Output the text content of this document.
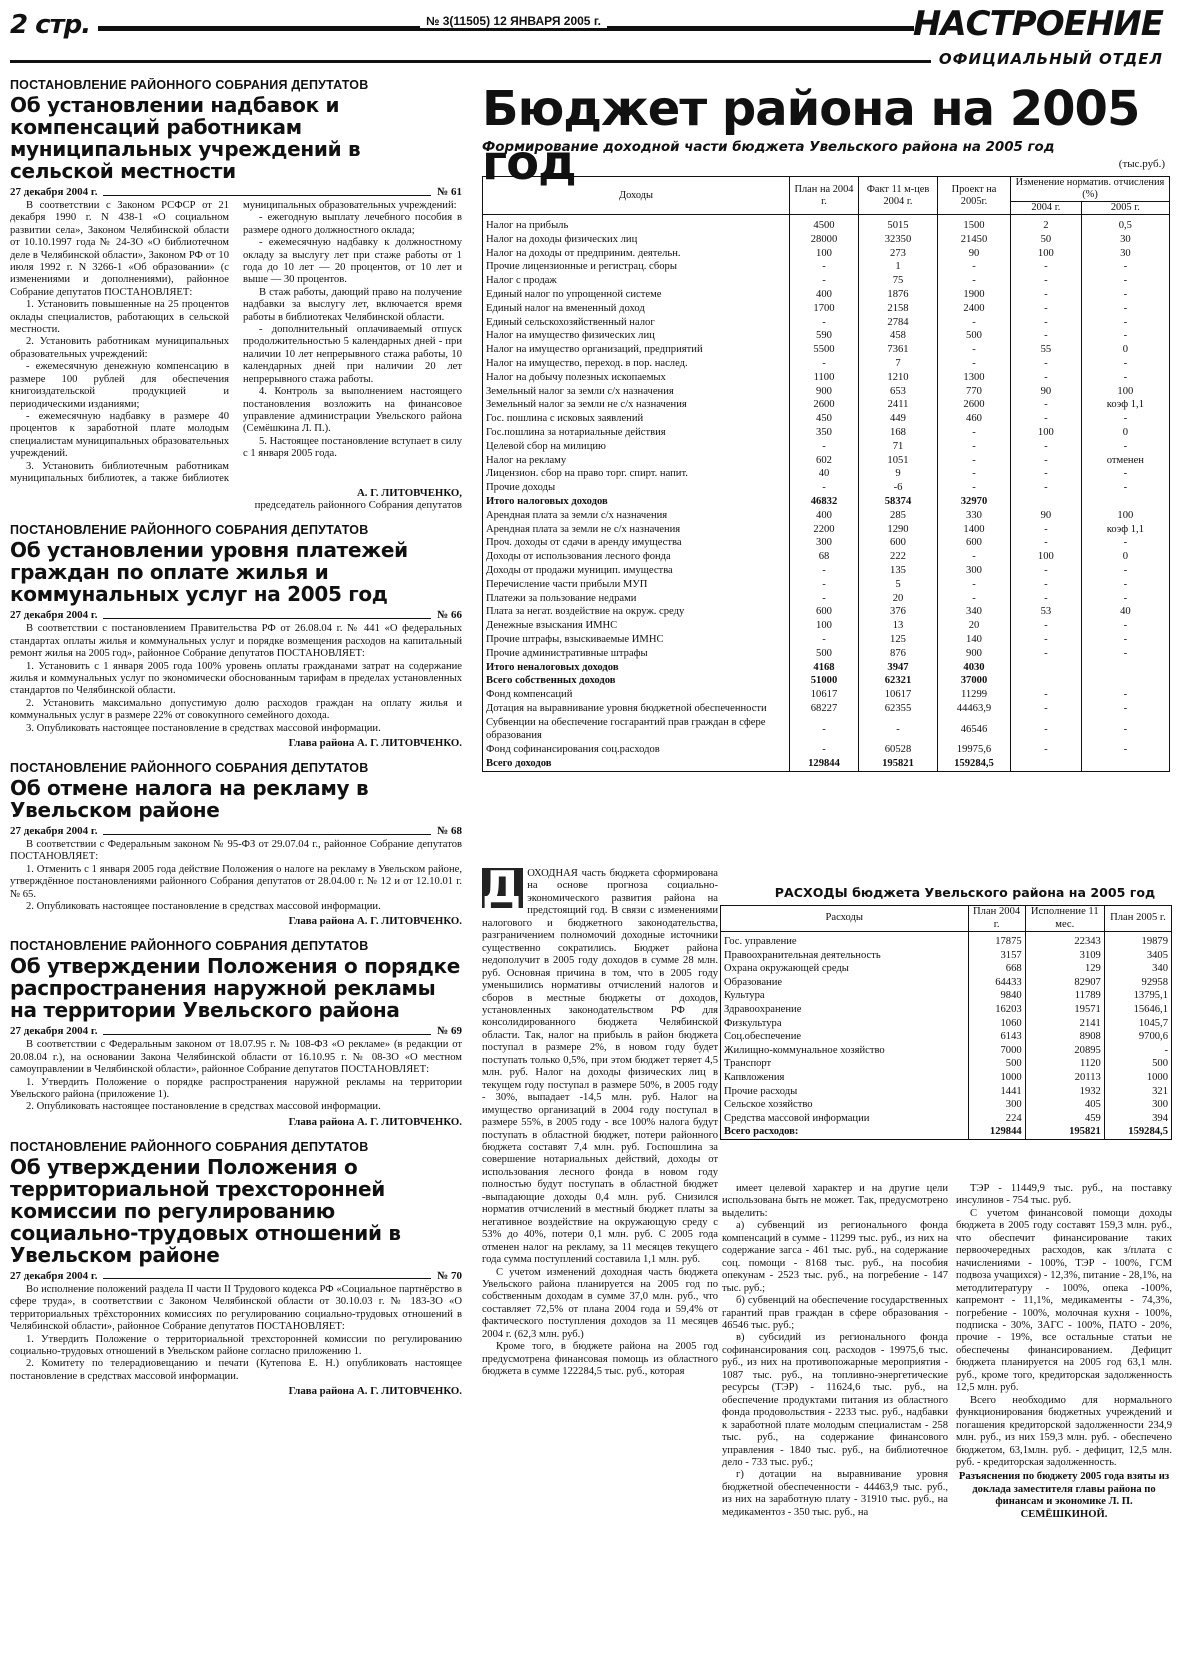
2 стр.	№ 3(11505) 12 ЯНВАРЯ 2005 г.	НАСТРОЕНИЕ
ОФИЦИАЛЬНЫЙ ОТДЕЛ
ПОСТАНОВЛЕНИЕ РАЙОННОГО СОБРАНИЯ ДЕПУТАТОВ
Об установлении надбавок и компенсаций работникам муниципальных учреждений в сельской местности
27 декабря 2004 г.	№ 61

В соответствии с Законом РСФСР от 21 декабря 1990 г. N 438-1 «О социальном развитии села», Законом Челябинской области от 10.10.1997 года № 24-ЗО «О библиотечном деле в Челябинской области», Законом РФ от 10 июля 1992 г. N 3266-1 «Об образовании» (с изменениями и дополнениями), районное Собрание депутатов ПОСТАНОВЛЯЕТ:

1. Установить повышенные на 25 процентов оклады специалистов, работающих в сельской местности.

2. Установить работникам муниципальных образовательных учреждений:

- ежемесячную денежную компенсацию в размере 100 рублей для обеспечения книгоиздательской продукцией и периодическими изданиями;

- ежемесячную надбавку в размере 40 процентов к заработной плате молодым специалистам муниципальных образовательных учреждений.

3. Установить библиотечным работникам муниципальных библиотек, а также библиотек муниципальных образовательных учреждений:

- ежегодную выплату лечебного пособия в размере одного должностного оклада;

- ежемесячную надбавку к должностному окладу за выслугу лет при стаже работы от 1 года до 10 лет — 20 процентов, от 10 лет и выше — 30 процентов.

В стаж работы, дающий право на получение надбавки за выслугу лет, включается время работы в библиотеках Челябинской области.

- дополнительный оплачиваемый отпуск продолжительностью 5 календарных дней - при наличии 10 лет непрерывного стажа работы, 10 календарных дней при наличии 20 лет непрерывного стажа работы.

4. Контроль за выполнением настоящего постановления возложить на финансовое управление администрации Увельского района (Семёшкина Л. П.).

5. Настоящее постановление вступает в силу с 1 января 2005 года.

А. Г. ЛИТОВЧЕНКО,
председатель районного Собрания депутатов
ПОСТАНОВЛЕНИЕ РАЙОННОГО СОБРАНИЯ ДЕПУТАТОВ
Об установлении уровня платежей граждан по оплате жилья и коммунальных услуг на 2005 год
27 декабря 2004 г.	№ 66

В соответствии с постановлением Правительства РФ от 26.08.04 г. № 441 «О федеральных стандартах оплаты жилья и коммунальных услуг и порядке возмещения расходов на капитальный ремонт жилья на 2005 год», районное Собрание депутатов ПОСТАНОВЛЯЕТ:

1. Установить с 1 января 2005 года 100% уровень оплаты гражданами затрат на содержание жилья и коммунальных услуг по экономически обоснованным тарифам в пределах установленных стандартов по Челябинской области.

2. Установить максимально допустимую долю расходов граждан на оплату жилья и коммунальных услуг в размере 22% от совокупного семейного дохода.

3. Опубликовать настоящее постановление в средствах массовой информации.

Глава района А. Г. ЛИТОВЧЕНКО.
ПОСТАНОВЛЕНИЕ РАЙОННОГО СОБРАНИЯ ДЕПУТАТОВ
Об отмене налога на рекламу в Увельском районе
27 декабря 2004 г.	№ 68

В соответствии с Федеральным законом № 95-ФЗ от 29.07.04 г., районное Собрание депутатов ПОСТАНОВЛЯЕТ:

1. Отменить с 1 января 2005 года действие Положения о налоге на рекламу в Увельском районе, утверждённое постановлениями районного Собрания депутатов от 28.04.00 г. № 12 и от 12.10.01 г. № 65.

2. Опубликовать настоящее постановление в средствах массовой информации.

Глава района А. Г. ЛИТОВЧЕНКО.
ПОСТАНОВЛЕНИЕ РАЙОННОГО СОБРАНИЯ ДЕПУТАТОВ
Об утверждении Положения о порядке распространения наружной рекламы на территории Увельского района
27 декабря 2004 г.	№ 69

В соответствии с Федеральным законом от 18.07.95 г. № 108-ФЗ «О рекламе» (в редакции от 20.08.04 г.), на основании Закона Челябинской области от 16.10.95 г. № 08-ЗО «О местном самоуправлении в Челябинской области», районное Собрание депутатов ПОСТАНОВЛЯЕТ:

1. Утвердить Положение о порядке распространения наружной рекламы на территории Увельского района (приложение 1).

2. Опубликовать настоящее постановление в средствах массовой информации.

Глава района А. Г. ЛИТОВЧЕНКО.
ПОСТАНОВЛЕНИЕ РАЙОННОГО СОБРАНИЯ ДЕПУТАТОВ
Об утверждении Положения о территориальной трехсторонней комиссии по регулированию социально-трудовых отношений в Увельском районе
27 декабря 2004 г.	№ 70

Во исполнение положений раздела II части II Трудового кодекса РФ «Социальное партнёрство в сфере труда», в соответствии с Законом Челябинской области от 30.10.03 г. № 183-ЗО «О территориальных трёхсторонних комиссиях по регулированию социально-трудовых отношений в Челябинской области», районное Собрание депутатов ПОСТАНОВЛЯЕТ:

1. Утвердить Положение о территориальной трехсторонней комиссии по регулированию социально-трудовых отношений в Увельском районе согласно приложению 1.

2. Комитету по телерадиовещанию и печати (Кутепова Е. Н.) опубликовать настоящее постановление в средствах массовой информации.

Глава района А. Г. ЛИТОВЧЕНКО.
Бюджет района на 2005 год
Формирование доходной части бюджета Увельского района на 2005 год
(тыс.руб.)
Доходы	План на 2004 г.	Факт 11 м-цев 2004 г.	Проект на 2005г.	Изменение норматив. отчисления (%)	
				2004 г.	2005 г.
Налог на прибыль	4500	5015	1500	2	0,5
Налог на доходы физических лиц	28000	32350	21450	50	30
Налог на доходы от предприним. деятельн.	100	273	90	100	30
Прочие лицензионные и регистрац. сборы	-	1	-	-	-
Налог с продаж	-	75	-	-	-
Единый налог по упрощенной системе	400	1876	1900	-	-
Единый налог на вмененный доход	1700	2158	2400	-	-
Единый сельскохозяйственный налог	-	2784	-	-	-
Налог на имущество физических лиц	590	458	500	-	-
Налог на имущество организаций, предприятий	5500	7361	-	55	0
Налог на имущество, переход. в пор. наслед.	-	7	-	-	-
Налог на добычу полезных ископаемых	1100	1210	1300	-	-
Земельный налог за земли с/х назначения	900	653	770	90	100
Земельный налог за земли не с/х назначения	2600	2411	2600	-	коэф 1,1
Гос. пошлина с исковых заявлений	450	449	460	-	-
Гос.пошлина за нотариальные действия	350	168	-	100	0
Целевой сбор на милицию	-	71	-	-	-
Налог на рекламу	602	1051	-	-	отменен
Лицензион. сбор на право торг. спирт. напит.	40	9	-	-	-
Прочие доходы	-	-6	-	-	-
Итого налоговых доходов	46832	58374	32970		
Арендная плата за земли с/х назначения	400	285	330	90	100
Арендная плата за земли не с/х назначения	2200	1290	1400	-	коэф 1,1
Проч. доходы от сдачи в аренду имущества	300	600	600	-	-
Доходы от использования лесного фонда	68	222	-	100	0
Доходы от продажи муницип. имущества	-	135	300	-	-
Перечисление части прибыли МУП	-	5	-	-	-
Платежи за пользование недрами	-	20	-	-	-
Плата за негат. воздействие на окруж. среду	600	376	340	53	40
Денежные взыскания ИМНС	100	13	20	-	-
Прочие штрафы, взыскиваемые ИМНС	-	125	140	-	-
Прочие административные штрафы	500	876	900	-	-
Итого неналоговых доходов	4168	3947	4030		
Всего собственных доходов	51000	62321	37000		
Фонд компенсаций	10617	10617	11299	-	-
Дотация на выравнивание уровня бюджетной обеспеченности	68227	62355	44463,9	-	-
Субвенции на обеспечение госгарантий прав граждан в сфере образования	-	-	46546	-	-
Фонд софинансирования соц.расходов	-	60528	19975,6	-	-
Всего доходов	129844	195821	159284,5		
Д ОХОДНАЯ часть бюджета сформирована на основе прогноза социально-экономического развития района на предстоящий год. В связи с изменениями налогового и бюджетного законодательства, разграничением полномочий доходные источники существенно сократились. Бюджет района недополучит в 2005 году доходов в сумме 28 млн. руб. Основная причина в том, что в 2005 году уменьшились нормативы отчислений налогов и сборов в местные бюджеты от доходов, установленных законодательством РФ для консолидированного бюджета Челябинской области. Так, налог на прибыль в район бюджета поступал в размере 2%, в новом году будет поступать только 0,5%, при этом бюджет теряет 4,5 млн. руб. Налог на доходы физических лиц в текущем году поступал в размере 50%, в 2005 году - 30%, выпадает -14,5 млн. руб. Налог на имущество организаций в 2004 году поступал в размере 55%, в 2005 году - все 100% налога будут поступать в областной бюджет, потери районного бюджета составят 7,4 млн. руб. Госпошлина за совершение нотариальных действий, доходы от использования лесного фонда в новом году полностью будут поступать в областной бюджет -выпадающие доходы 0,4 млн. руб. Снизился норматив отчислений в местный бюджет платы за негативное воздействие на окружающую среду с 53% до 40%, потери 0,1 млн. руб. С 2005 года отменен налог на рекламу, за 11 месяцев текущего года сумма поступлений составила 1,1 млн. руб.

С учетом изменений доходная часть бюджета Увельского района планируется на 2005 год по собственным доходам в сумме 37,0 млн. руб., что составляет 72,5% от плана 2004 года и 59,4% от фактического поступления доходов за 11 месяцев 2004 г. (62,3 млн. руб.)

Кроме того, в бюджете района на 2005 год предусмотрена финансовая помощь из областного бюджета в сумме 122284,5 тыс. руб., которая

РАСХОДЫ бюджета Увельского района на 2005 год
Расходы	План 2004 г.	Исполнение 11 мес.	План 2005 г.
Гос. управление	17875	22343	19879
Правоохранительная деятельность	3157	3109	3405
Охрана окружающей среды	668	129	340
Образование	64433	82907	92958
Культура	9840	11789	13795,1
Здравоохранение	16203	19571	15646,1
Физкультура	1060	2141	1045,7
Соц.обеспечение	6143	8908	9700,6
Жилищно-коммунальное хозяйство	7000	20895	-
Транспорт	500	1120	500
Капвложения	1000	20113	1000
Прочие расходы	1441	1932	321
Сельское хозяйство	300	405	300
Средства массовой информации	224	459	394
Всего расходов:	129844	195821	159284,5

имеет целевой характер и на другие цели использована быть не может. Так, предусмотрено выделить:

а) субвенций из регионального фонда компенсаций в сумме - 11299 тыс. руб., из них на содержание загса - 461 тыс. руб., на содержание соц. помощи - 8168 тыс. руб., на пособия опекунам - 2523 тыс. руб., на погребение - 147 тыс. руб.;

б) субвенций на обеспечение государственных гарантий прав граждан в сфере образования - 46546 тыс. руб.;

в) субсидий из регионального фонда софинансирования соц. расходов - 19975,6 тыс. руб., из них на противопожарные мероприятия - 1087 тыс. руб., на топливно-энергетические ресурсы (ТЭР) - 11624,6 тыс. руб., на обеспечение продуктами питания из областного фонда продовольствия - 2233 тыс. руб., надбавки к заработной плате молодым специалистам - 258 тыс. руб., на содержание финансового управления - 1840 тыс. руб., на библиотечное дело - 733 тыс. руб.;

г) дотации на выравнивание уровня бюджетной обеспеченности - 44463,9 тыс. руб., из них на заработную плату - 31910 тыс. руб., на медикаментоз - 350 тыс. руб., на

ТЭР - 11449,9 тыс. руб., на поставку инсулинов - 754 тыс. руб.

С учетом финансовой помощи доходы бюджета в 2005 году составят 159,3 млн. руб., что обеспечит финансирование таких первоочередных расходов, как з/плата с начислениями - 100%, ТЭР - 100%, ГСМ подвоза учащихся) - 12,3%, питание - 28,1%, на методлитературу - 100%, опека -100%, капремонт - 11,1%, медикаменты - 74,3%, погребение - 100%, молочная кухня - 100%, подписка - 30%, ЗАГС - 100%, ПАТО - 20%, прочие - 19%, все остальные статьи не обеспечены финансированием. Дефицит бюджета планируется на 2005 год 63,1 млн. руб., кроме того, кредиторская задолженность 12,5 млн. руб.

Всего необходимо для нормального функционирования бюджетных учреждений и погашения кредиторской задолженности 234,9 млн. руб., из них 159,3 млн. руб. - обеспечено бюджетом, 63,1млн. руб. - дефицит, 12,5 млн. руб. - кредиторская задолженность.

Разъяснения по бюджету 2005 года взяты из доклада заместителя главы района по финансам и экономике Л. П. СЕМЁШКИНОЙ.
